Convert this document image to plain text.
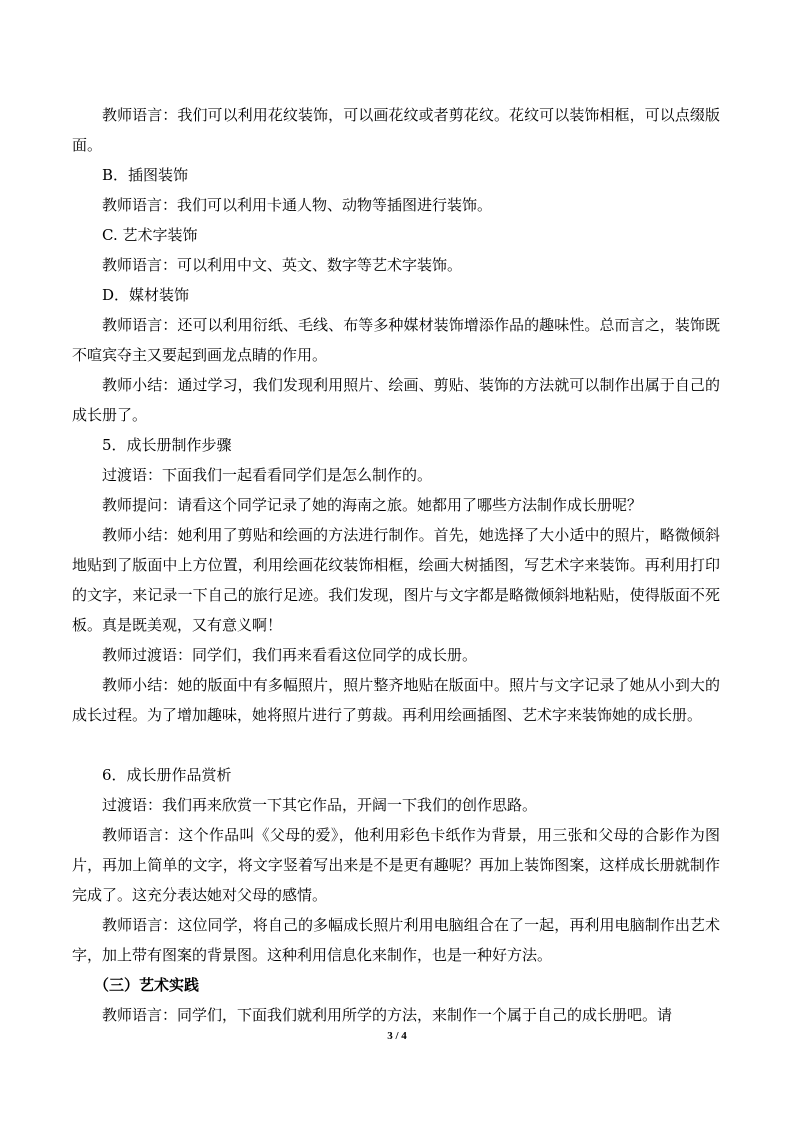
教师语言：我们可以利用花纹装饰，可以画花纹或者剪花纹。花纹可以装饰相框，可以点缀版面。
B．插图装饰
教师语言：我们可以利用卡通人物、动物等插图进行装饰。
C. 艺术字装饰
教师语言：可以利用中文、英文、数字等艺术字装饰。
D．媒材装饰
教师语言：还可以利用衍纸、毛线、布等多种媒材装饰增添作品的趣味性。总而言之，装饰既不喧宾夺主又要起到画龙点睛的作用。
教师小结：通过学习，我们发现利用照片、绘画、剪贴、装饰的方法就可以制作出属于自己的成长册了。
5．成长册制作步骤
过渡语：下面我们一起看看同学们是怎么制作的。
教师提问：请看这个同学记录了她的海南之旅。她都用了哪些方法制作成长册呢？
教师小结：她利用了剪贴和绘画的方法进行制作。首先，她选择了大小适中的照片，略微倾斜地贴到了版面中上方位置，利用绘画花纹装饰相框，绘画大树插图，写艺术字来装饰。再利用打印的文字，来记录一下自己的旅行足迹。我们发现，图片与文字都是略微倾斜地粘贴，使得版面不死板。真是既美观，又有意义啊！
教师过渡语：同学们，我们再来看看这位同学的成长册。
教师小结：她的版面中有多幅照片，照片整齐地贴在版面中。照片与文字记录了她从小到大的成长过程。为了增加趣味，她将照片进行了剪裁。再利用绘画插图、艺术字来装饰她的成长册。
6．成长册作品赏析
过渡语：我们再来欣赏一下其它作品，开阔一下我们的创作思路。
教师语言：这个作品叫《父母的爱》，他利用彩色卡纸作为背景，用三张和父母的合影作为图片，再加上简单的文字，将文字竖着写出来是不是更有趣呢？再加上装饰图案，这样成长册就制作完成了。这充分表达她对父母的感情。
教师语言：这位同学，将自己的多幅成长照片利用电脑组合在了一起，再利用电脑制作出艺术字，加上带有图案的背景图。这种利用信息化来制作，也是一种好方法。
（三）艺术实践
教师语言：同学们，下面我们就利用所学的方法，来制作一个属于自己的成长册吧。请
3 / 4
